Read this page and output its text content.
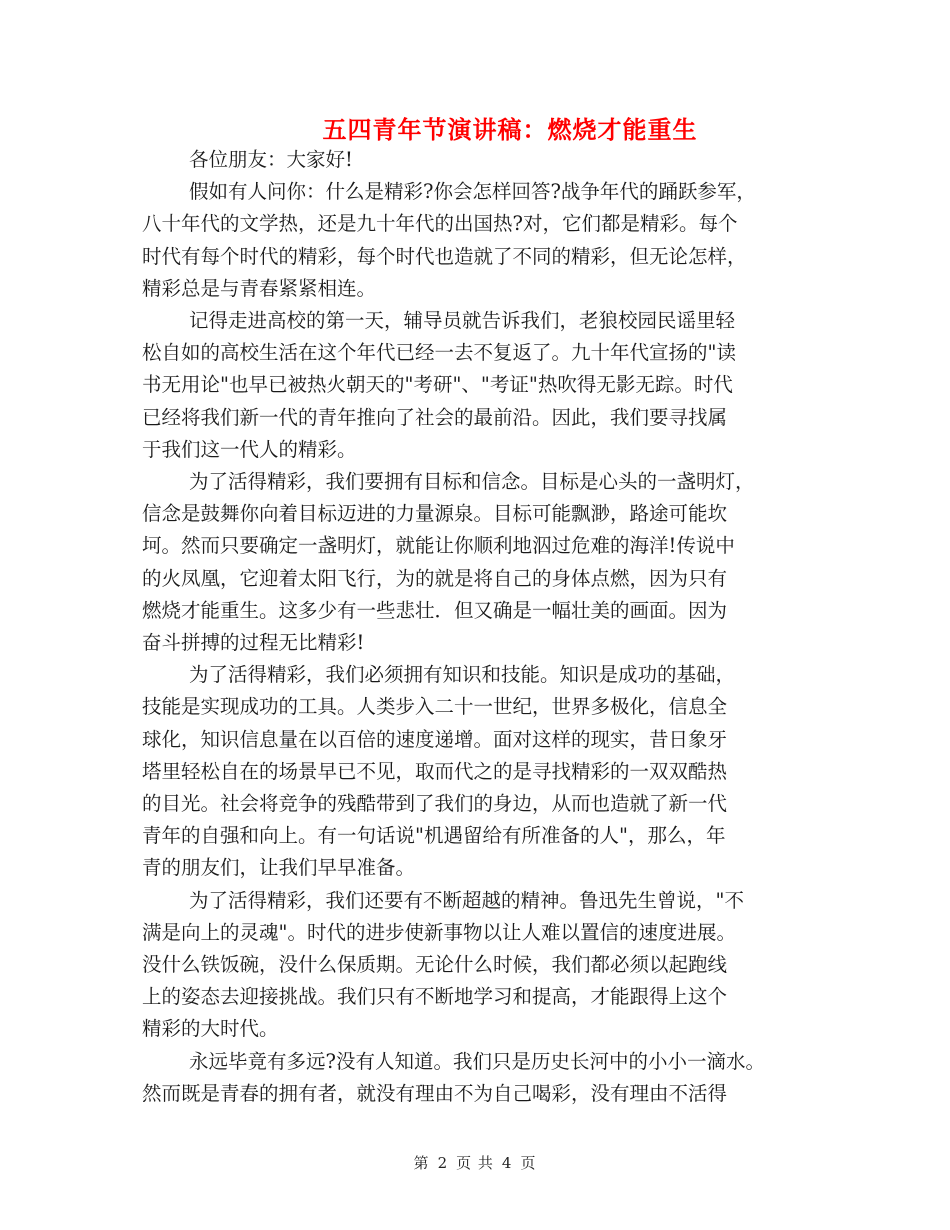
五四青年节演讲稿：燃烧才能重生
各位朋友：大家好!
假如有人问你：什么是精彩?你会怎样回答?战争年代的踊跃参军，
八十年代的文学热，还是九十年代的出国热?对，它们都是精彩。每个
时代有每个时代的精彩，每个时代也造就了不同的精彩，但无论怎样，
精彩总是与青春紧紧相连。
记得走进高校的第一天，辅导员就告诉我们，老狼校园民谣里轻
松自如的高校生活在这个年代已经一去不复返了。九十年代宣扬的"读
书无用论"也早已被热火朝天的"考研"、"考证"热吹得无影无踪。时代
已经将我们新一代的青年推向了社会的最前沿。因此，我们要寻找属
于我们这一代人的精彩。
为了活得精彩，我们要拥有目标和信念。目标是心头的一盏明灯，
信念是鼓舞你向着目标迈进的力量源泉。目标可能飘渺，路途可能坎
坷。然而只要确定一盏明灯，就能让你顺利地泅过危难的海洋!传说中
的火凤凰，它迎着太阳飞行，为的就是将自己的身体点燃，因为只有
燃烧才能重生。这多少有一些悲壮．但又确是一幅壮美的画面。因为
奋斗拼搏的过程无比精彩!
为了活得精彩，我们必须拥有知识和技能。知识是成功的基础，
技能是实现成功的工具。人类步入二十一世纪，世界多极化，信息全
球化，知识信息量在以百倍的速度递增。面对这样的现实，昔日象牙
塔里轻松自在的场景早已不见，取而代之的是寻找精彩的一双双酷热
的目光。社会将竞争的残酷带到了我们的身边，从而也造就了新一代
青年的自强和向上。有一句话说"机遇留给有所准备的人"，那么，年
青的朋友们，让我们早早准备。
为了活得精彩，我们还要有不断超越的精神。鲁迅先生曾说，"不
满是向上的灵魂"。时代的进步使新事物以让人难以置信的速度进展。
没什么铁饭碗，没什么保质期。无论什么时候，我们都必须以起跑线
上的姿态去迎接挑战。我们只有不断地学习和提高，才能跟得上这个
精彩的大时代。
永远毕竟有多远?没有人知道。我们只是历史长河中的小小一滴水。
然而既是青春的拥有者，就没有理由不为自己喝彩，没有理由不活得
第 2 页 共 4 页
